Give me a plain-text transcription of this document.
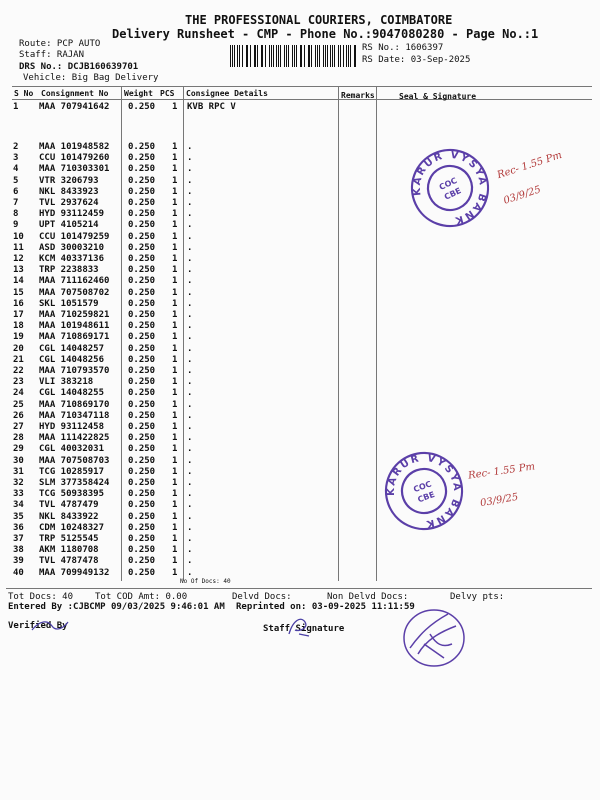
THE PROFESSIONAL COURIERS, COIMBATORE
Delivery Runsheet - CMP - Phone No.:9047080280 - Page No.:1
Route: PCP AUTO
Staff: RAJAN
DRS No.: DCJB160639701
Vehicle: Big Bag Delivery
RS No.: 1606397
RS Date: 03-Sep-2025
S No Consignment No Weight PCS Consignee Details	Remarks	Seal & Signature
1 MAA 707941642 0.250 1 KVB RPC V
2 MAA 101948582 0.250 1 .
3 CCU 101479260 0.250 1 .
4 MAA 710303301 0.250 1 .
5 VTR 3206793	0.250 1 .
6 NKL 8433923	0.250 1 .
7 TVL 2937624	0.250 1 .
8 HYD 93112459	0.250 1 .
9 UPT 4105214	0.250 1 .
10 CCU 101479259 0.250 1 .
11 ASD 30003210	0.250 1 .
12 KCM 40337136	0.250 1 .
13 TRP 2238833	0.250 1 .
14 MAA 711162460 0.250 1 .
15 MAA 707508702 0.250 1 .
16 SKL 1051579	0.250 1 .
17 MAA 710259821 0.250 1 .
18 MAA 101948611 0.250 1 .
19 MAA 710869171 0.250 1 .
20 CGL 14048257	0.250 1 .
21 CGL 14048256	0.250 1 .
22 MAA 710793570 0.250 1 .
23 VLI 383218	0.250 1 .
24 CGL 14048255	0.250 1 .
25 MAA 710869170 0.250 1 .
26 MAA 710347118 0.250 1 .
27 HYD 93112458	0.250 1 .
28 MAA 111422825 0.250 1 .
29 CGL 40032031	0.250 1 .
30 MAA 707508703 0.250 1 .
31 TCG 10285917	0.250 1 .
32 SLM 377358424 0.250 1 .
33 TCG 50938395	0.250 1 .
34 TVL 4787479	0.250 1 .
35 NKL 8433922	0.250 1 .
36 CDM 10248327	0.250 1 .
37 TRP 5125545	0.250 1 .
38 AKM 1180708	0.250 1 .
39 TVL 4787478	0.250 1 .
40 MAA 709949132 0.250 1 .
No Of Docs: 40
Tot Docs: 40 Tot COD Amt: 0.00	Delvd Docs:	Non Delvd Docs:	Delvy pts:
Entered By :CJBCMP 09/03/2025 9:46:01 AM Reprinted on: 03-09-2025 11:11:59
Verified By	Staff Signature
KARUR VYSYA BANK
COC
CBE
Rec- 1.55 Pm
03/9/25
KARUR VYSYA BANK
COC
CBE
Rec- 1.55 Pm
03/9/25
